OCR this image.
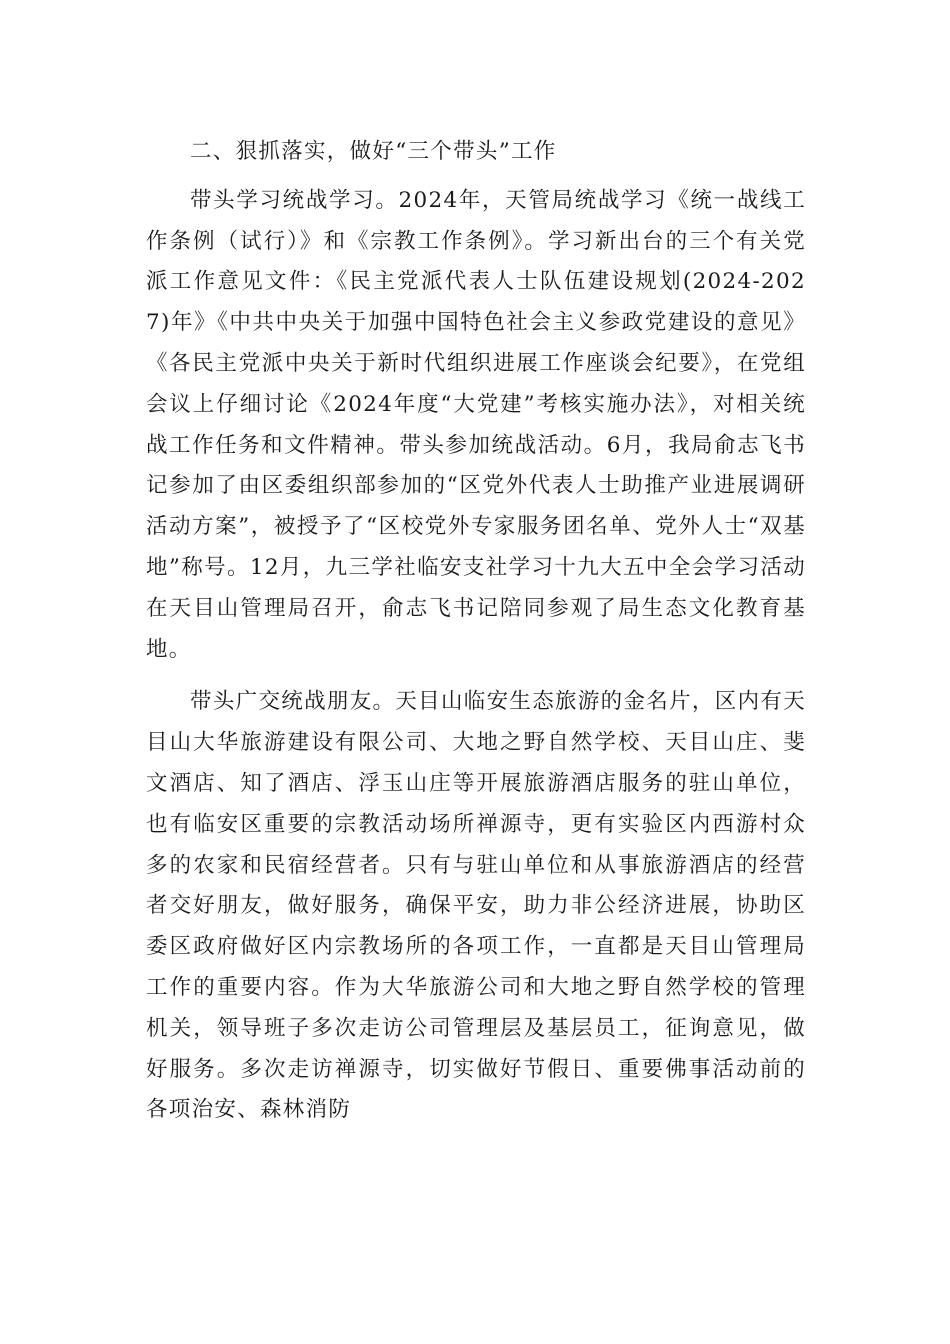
二、狠抓落实，做好“三个带头”工作

带头学习统战学习。2024年，天管局统战学习《统一战线工作条例（试行）》和《宗教工作条例》。学习新出台的三个有关党派工作意见文件：《民主党派代表人士队伍建设规划(2024-2027)年》《中共中央关于加强中国特色社会主义参政党建设的意见》《各民主党派中央关于新时代组织进展工作座谈会纪要》，在党组会议上仔细讨论《2024年度“大党建”考核实施办法》，对相关统战工作任务和文件精神。带头参加统战活动。6月，我局俞志飞书记参加了由区委组织部参加的“区党外代表人士助推产业进展调研活动方案”，被授予了“区校党外专家服务团名单、党外人士“双基地”称号。12月，九三学社临安支社学习十九大五中全会学习活动在天目山管理局召开，俞志飞书记陪同参观了局生态文化教育基地。

带头广交统战朋友。天目山临安生态旅游的金名片，区内有天目山大华旅游建设有限公司、大地之野自然学校、天目山庄、斐文酒店、知了酒店、浮玉山庄等开展旅游酒店服务的驻山单位，也有临安区重要的宗教活动场所禅源寺，更有实验区内西游村众多的农家和民宿经营者。只有与驻山单位和从事旅游酒店的经营者交好朋友，做好服务，确保平安，助力非公经济进展，协助区委区政府做好区内宗教场所的各项工作，一直都是天目山管理局工作的重要内容。作为大华旅游公司和大地之野自然学校的管理机关，领导班子多次走访公司管理层及基层员工，征询意见，做好服务。多次走访禅源寺，切实做好节假日、重要佛事活动前的各项治安、森林消防
